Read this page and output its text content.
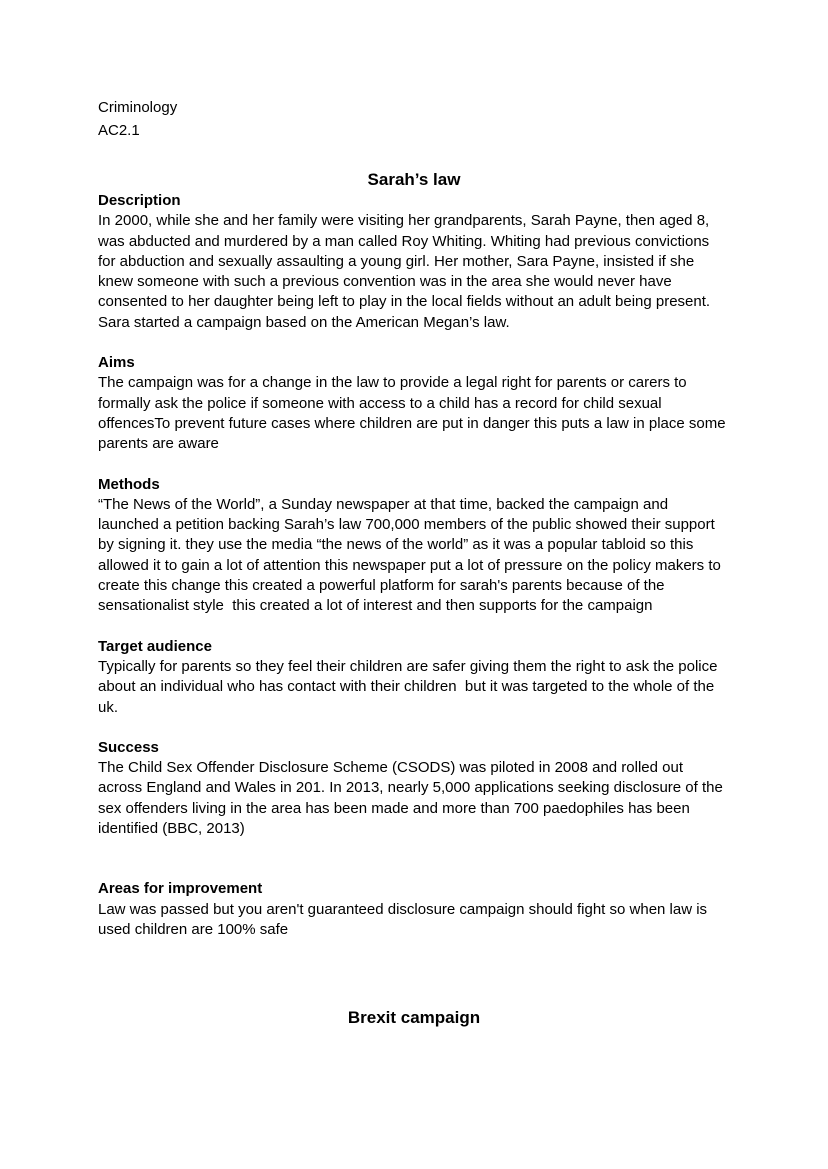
Criminology
AC2.1
Sarah’s law
Description

In 2000, while she and her family were visiting her grandparents, Sarah Payne, then aged 8, was abducted and murdered by a man called Roy Whiting. Whiting had previous convictions for abduction and sexually assaulting a young girl. Her mother, Sara Payne, insisted if she knew someone with such a previous convention was in the area she would never have consented to her daughter being left to play in the local fields without an adult being present. Sara started a campaign based on the American Megan’s law.

Aims

The campaign was for a change in the law to provide a legal right for parents or carers to formally ask the police if someone with access to a child has a record for child sexual offencesTo prevent future cases where children are put in danger this puts a law in place some parents are aware

Methods

“The News of the World”, a Sunday newspaper at that time, backed the campaign and launched a petition backing Sarah’s law 700,000 members of the public showed their support by signing it. they use the media “the news of the world” as it was a popular tabloid so this allowed it to gain a lot of attention this newspaper put a lot of pressure on the policy makers to create this change this created a powerful platform for sarah's parents because of the sensationalist style  this created a lot of interest and then supports for the campaign

Target audience

Typically for parents so they feel their children are safer giving them the right to ask the police about an individual who has contact with their children  but it was targeted to the whole of the uk.

Success

The Child Sex Offender Disclosure Scheme (CSODS) was piloted in 2008 and rolled out across England and Wales in 201. In 2013, nearly 5,000 applications seeking disclosure of the sex offenders living in the area has been made and more than 700 paedophiles has been identified (BBC, 2013)

Areas for improvement

Law was passed but you aren't guaranteed disclosure campaign should fight so when law is used children are 100% safe

Brexit campaign
